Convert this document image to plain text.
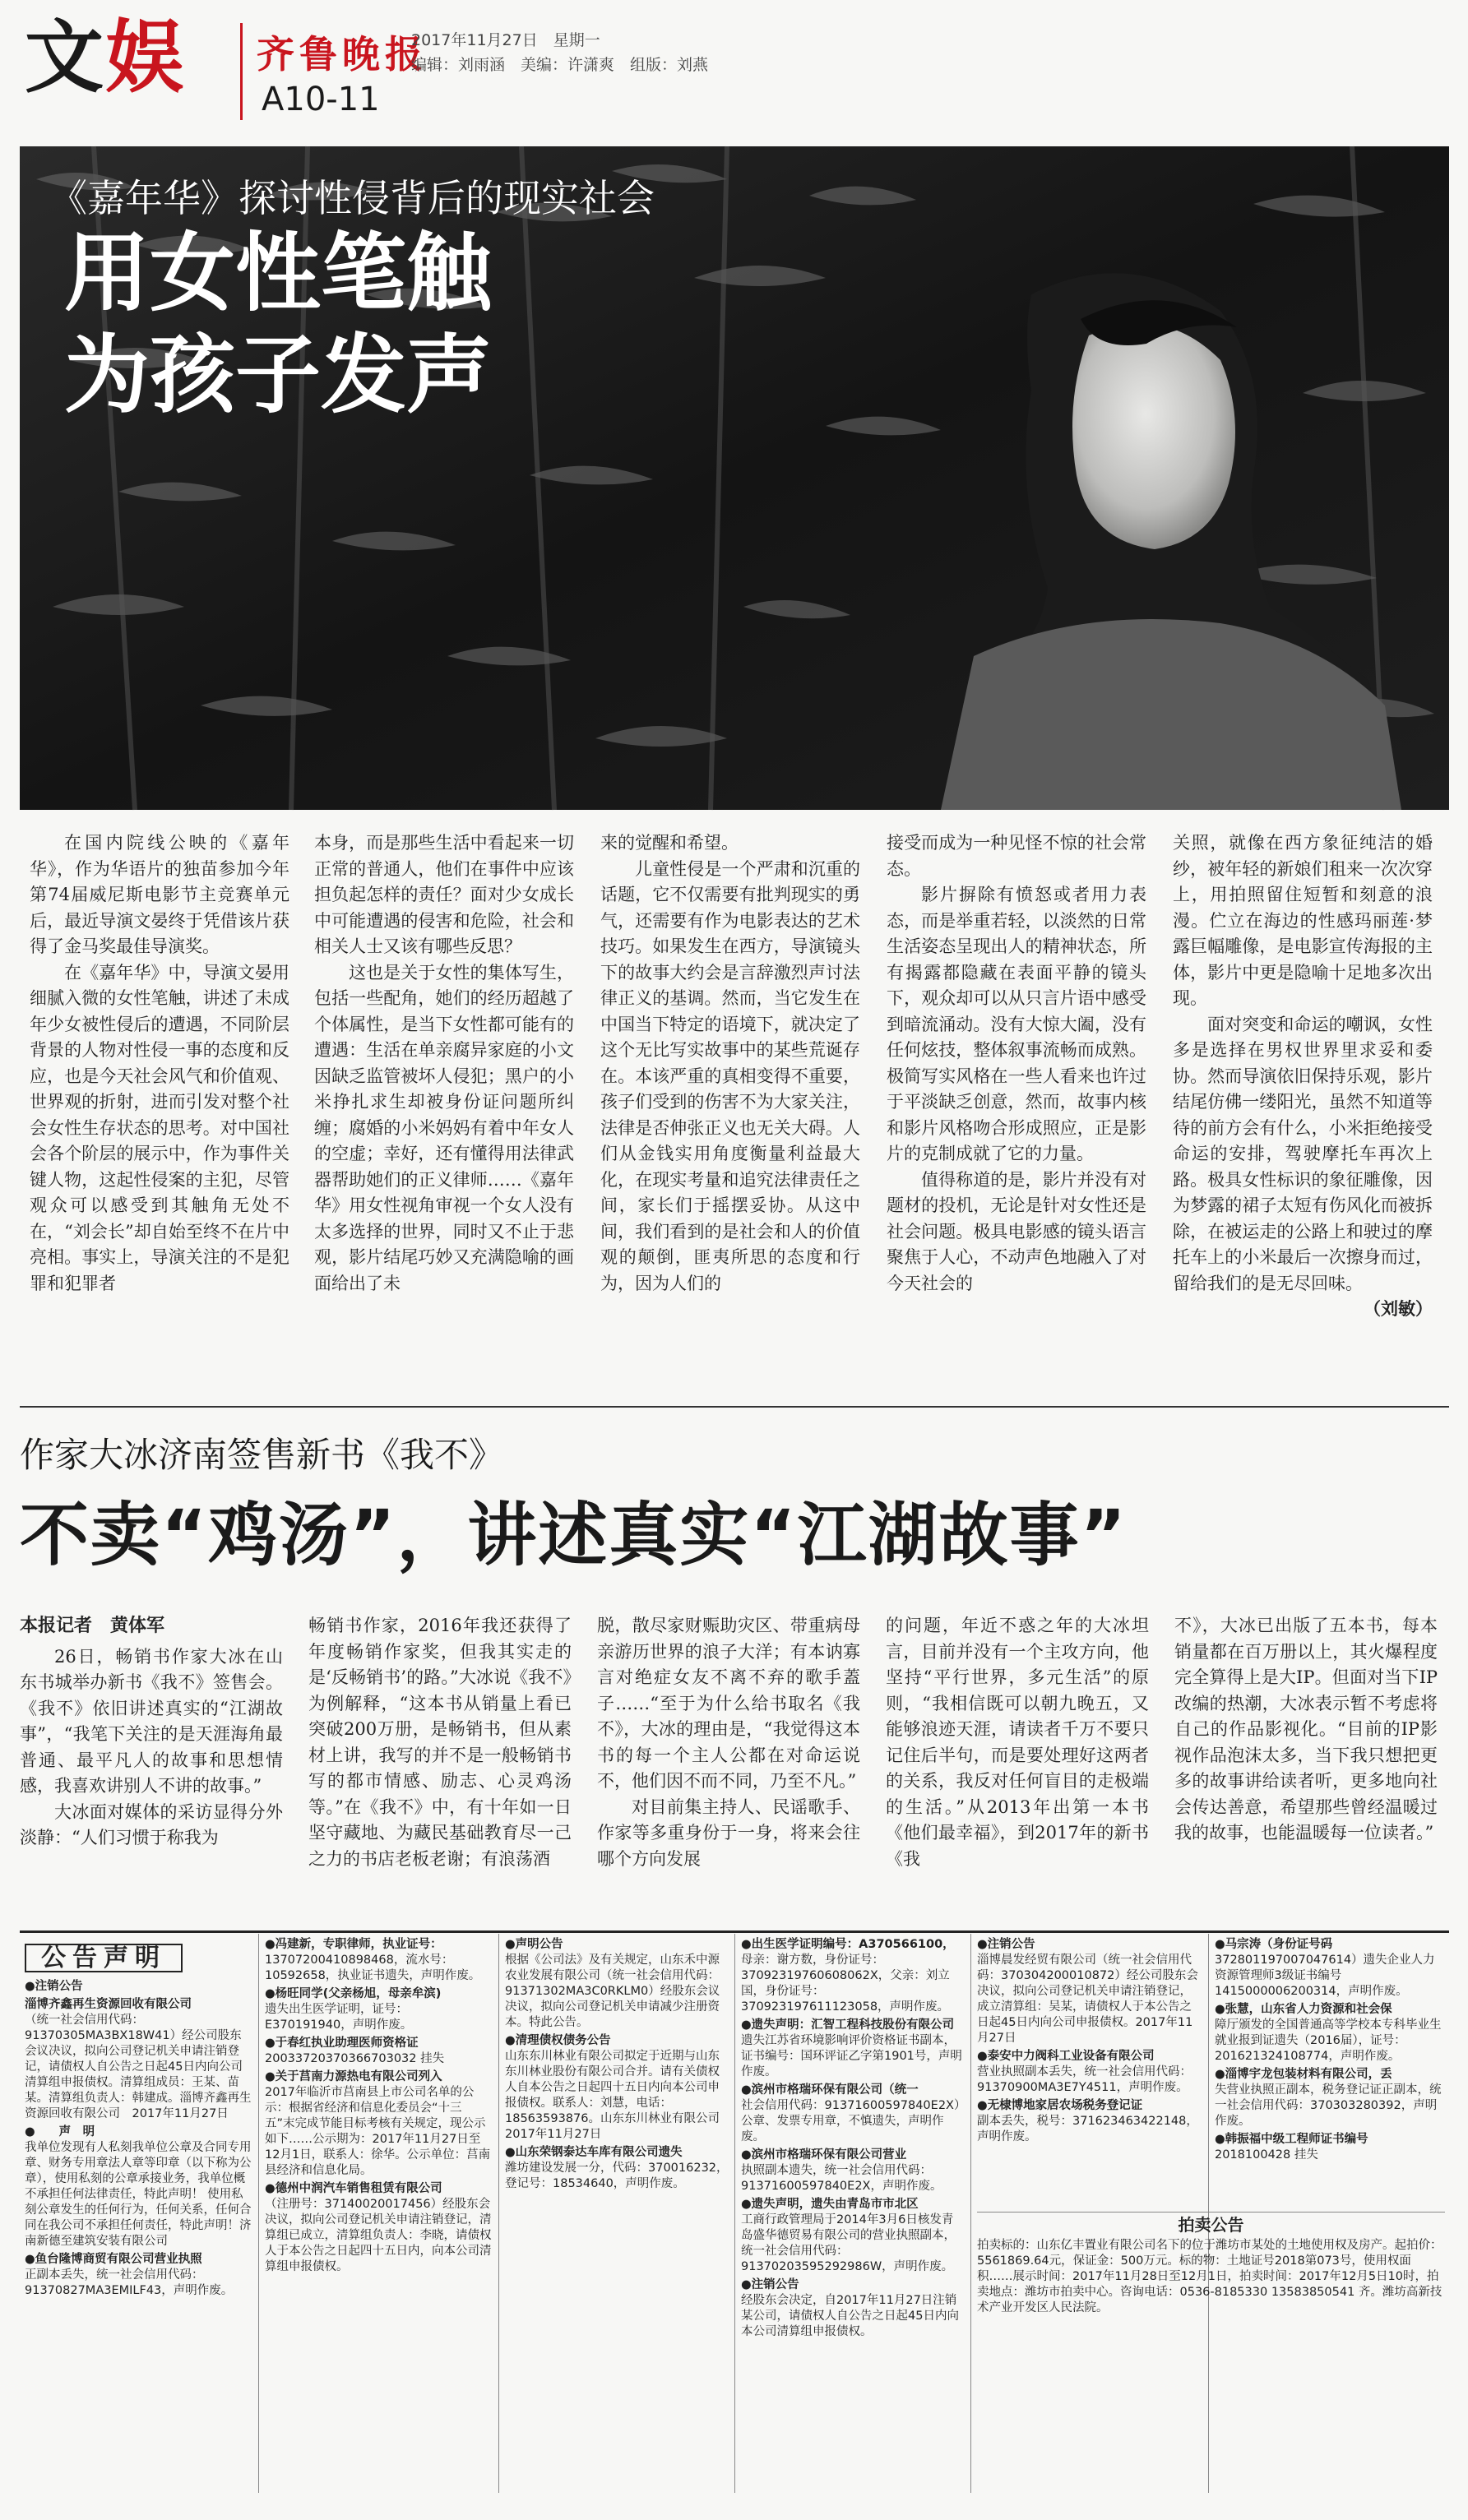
文娱 齐鲁晚报
2017年11月27日　星期一
编辑：刘雨涵　美编：许潇爽　组版：刘燕
A10-11
《嘉年华》探讨性侵背后的现实社会
用女性笔触
为孩子发声

在国内院线公映的《嘉年华》，作为华语片的独苗参加今年第74届威尼斯电影节主竞赛单元后，最近导演文晏终于凭借该片获得了金马奖最佳导演奖。

在《嘉年华》中，导演文晏用细腻入微的女性笔触，讲述了未成年少女被性侵后的遭遇，不同阶层背景的人物对性侵一事的态度和反应，也是今天社会风气和价值观、世界观的折射，进而引发对整个社会女性生存状态的思考。对中国社会各个阶层的展示中，作为事件关键人物，这起性侵案的主犯，尽管观众可以感受到其触角无处不在，“刘会长”却自始至终不在片中亮相。事实上，导演关注的不是犯罪和犯罪者

本身，而是那些生活中看起来一切正常的普通人，他们在事件中应该担负起怎样的责任？面对少女成长中可能遭遇的侵害和危险，社会和相关人士又该有哪些反思？

这也是关于女性的集体写生，包括一些配角，她们的经历超越了个体属性，是当下女性都可能有的遭遇：生活在单亲腐异家庭的小文因缺乏监管被坏人侵犯；黑户的小米挣扎求生却被身份证问题所纠缠；腐婚的小米妈妈有着中年女人的空虚；幸好，还有懂得用法律武器帮助她们的正义律师……《嘉年华》用女性视角审视一个女人没有太多选择的世界，同时又不止于悲观，影片结尾巧妙又充满隐喻的画面给出了未

来的觉醒和希望。

儿童性侵是一个严肃和沉重的话题，它不仅需要有批判现实的勇气，还需要有作为电影表达的艺术技巧。如果发生在西方，导演镜头下的故事大约会是言辞激烈声讨法律正义的基调。然而，当它发生在中国当下特定的语境下，就决定了这个无比写实故事中的某些荒诞存在。本该严重的真相变得不重要，孩子们受到的伤害不为大家关注，法律是否伸张正义也无关大碍。人们从金钱实用角度衡量利益最大化，在现实考量和追究法律责任之间，家长们于摇摆妥协。从这中间，我们看到的是社会和人的价值观的颠倒，匪夷所思的态度和行为，因为人们的

接受而成为一种见怪不惊的社会常态。

影片摒除有愤怒或者用力表态，而是举重若轻，以淡然的日常生活姿态呈现出人的精神状态，所有揭露都隐藏在表面平静的镜头下，观众却可以从只言片语中感受到暗流涌动。没有大惊大阖，没有任何炫技，整体叙事流畅而成熟。极简写实风格在一些人看来也许过于平淡缺乏创意，然而，故事内核和影片风格吻合形成照应，正是影片的克制成就了它的力量。

值得称道的是，影片并没有对题材的投机，无论是针对女性还是社会问题。极具电影感的镜头语言聚焦于人心，不动声色地融入了对今天社会的

关照，就像在西方象征纯洁的婚纱，被年轻的新娘们租来一次次穿上，用拍照留住短暂和刻意的浪漫。伫立在海边的性感玛丽莲·梦露巨幅雕像，是电影宣传海报的主体，影片中更是隐喻十足地多次出现。

面对突变和命运的嘲讽，女性多是选择在男权世界里求妥和委协。然而导演依旧保持乐观，影片结尾仿佛一缕阳光，虽然不知道等待的前方会有什么，小米拒绝接受命运的安排，驾驶摩托车再次上路。极具女性标识的象征雕像，因为梦露的裙子太短有伤风化而被拆除，在被运走的公路上和驶过的摩托车上的小米最后一次擦身而过，留给我们的是无尽回味。

（刘敏）
作家大冰济南签售新书《我不》
不卖“鸡汤”，讲述真实“江湖故事”
本报记者　黄体军

26日，畅销书作家大冰在山东书城举办新书《我不》签售会。《我不》依旧讲述真实的“江湖故事”，“我笔下关注的是天涯海角最普通、最平凡人的故事和思想情感，我喜欢讲别人不讲的故事。”

大冰面对媒体的采访显得分外淡静：“人们习惯于称我为

畅销书作家，2016年我还获得了年度畅销作家奖，但我其实走的是‘反畅销书’的路。”大冰说《我不》为例解释，“这本书从销量上看已突破200万册，是畅销书，但从素材上讲，我写的并不是一般畅销书写的都市情感、励志、心灵鸡汤等。”在《我不》中，有十年如一日坚守藏地、为藏民基础教育尽一己之力的书店老板老谢；有浪荡酒

脱，散尽家财赈助灾区、带重病母亲游历世界的浪子大洋；有本讷寡言对绝症女友不离不弃的歌手蓋子……“至于为什么给书取名《我不》，大冰的理由是，“我觉得这本书的每一个主人公都在对命运说不，他们因不而不同，乃至不凡。”

对目前集主持人、民谣歌手、作家等多重身份于一身，将来会往哪个方向发展

的问题，年近不惑之年的大冰坦言，目前并没有一个主攻方向，他坚持“平行世界，多元生活”的原则，“我相信既可以朝九晚五，又能够浪迹天涯，请读者千万不要只记住后半句，而是要处理好这两者的关系，我反对任何盲目的走极端的生活。”从2013年出第一本书《他们最幸福》，到2017年的新书《我

不》，大冰已出版了五本书，每本销量都在百万册以上，其火爆程度完全算得上是大IP。但面对当下IP改编的热潮，大冰表示暂不考虑将自己的作品影视化。“目前的IP影视作品泡沫太多，当下我只想把更多的故事讲给读者听，更多地向社会传达善意，希望那些曾经温暖过我的故事，也能温暖每一位读者。”

公告声明

●注销公告

淄博齐鑫再生资源回收有限公司
（统一社会信用代码：91370305MA3BX18W41）经公司股东会议决议，拟向公司登记机关申请注销登记，请债权人自公告之日起45日内向公司清算组申报债权。清算组成员：王某、苗某。清算组负责人：韩建成。淄博齐鑫再生资源回收有限公司　2017年11月27日

●　　声　明
我单位发现有人私刻我单位公章及合同专用章、财务专用章法人章等印章（以下称为公章），使用私刻的公章承接业务，我单位概不承担任何法律责任，特此声明！ 使用私刻公章发生的任何行为，任何关系，任何合同在我公司不承担任何责任，特此声明！济南新德至建筑安装有限公司

●鱼台隆博商贸有限公司营业执照
正副本丢失，统一社会信用代码：91370827MA3EMILF43，声明作废。

●冯建新，专职律师，执业证号：
13707200410898468，流水号：10592658，执业证书遗失，声明作废。

●杨旺同学(父亲杨旭，母亲牟滨)
遗失出生医学证明，证号：E370191940，声明作废。

●于春红执业助理医师资格证
20033720370366703032 挂失

●关于莒南力源热电有限公司列入
2017年临沂市莒南县上市公司名单的公示：根据省经济和信息化委员会“十三五”末完成节能目标考核有关规定，现公示如下……公示期为：2017年11月27日至12月1日，联系人：徐华。公示单位：莒南县经济和信息化局。

●德州中润汽车销售租赁有限公司
（注册号：37140020017456）经股东会决议，拟向公司登记机关申请注销登记，清算组已成立，清算组负责人：李晓，请债权人于本公告之日起四十五日内，向本公司清算组申报债权。

●声明公告
根据《公司法》及有关规定，山东禾中源农业发展有限公司（统一社会信用代码：91371302MA3C0RKLM0）经股东会议决议，拟向公司登记机关申请减少注册资本。特此公告。

●清理债权债务公告
山东东川林业有限公司拟定于近期与山东东川林业股份有限公司合并。请有关债权人自本公告之日起四十五日内向本公司申报债权。联系人：刘慧，电话：18563593876。山东东川林业有限公司　2017年11月27日

●山东荣钢泰达车库有限公司遗失
潍坊建设发展一分，代码：370016232，登记号：18534640，声明作废。

●出生医学证明编号：A370566100，
母亲：谢方数，身份证号：37092319760608062X，父亲：刘立国，身份证号：370923197611123058，声明作废。

●遗失声明：汇智工程科技股份有限公司
遗失江苏省环境影响评价资格证书副本，证书编号：国环评证乙字第1901号，声明作废。

●滨州市格瑞环保有限公司（统一
社会信用代码：91371600597840E2X）公章、发票专用章，不慎遗失，声明作废。

●滨州市格瑞环保有限公司营业
执照副本遗失，统一社会信用代码：91371600597840E2X，声明作废。

●遗失声明，遗失由青岛市市北区
工商行政管理局于2014年3月6日核发青岛盛华德贸易有限公司的营业执照副本，统一社会信用代码：91370203595292986W，声明作废。

●注销公告
经股东会决定，自2017年11月27日注销某公司，请债权人自公告之日起45日内向本公司清算组申报债权。

●注销公告
淄博晨发经贸有限公司（统一社会信用代码：370304200010872）经公司股东会决议，拟向公司登记机关申请注销登记，成立清算组：吴某，请债权人于本公告之日起45日内向公司申报债权。2017年11月27日

●泰安中力阀科工业设备有限公司
营业执照副本丢失，统一社会信用代码：91370900MA3E7Y4511，声明作废。

●无棣博地家居农场税务登记证
副本丢失，税号：371623463422148，声明作废。

●马宗涛（身份证号码
372801197007047614）遗失企业人力资源管理师3级证书编号1415000006200314，声明作废。

●张慧，山东省人力资源和社会保
障厅颁发的全国普通高等学校本专科毕业生就业报到证遗失（2016届），证号：201621324108774，声明作废。

●淄博宇龙包装材料有限公司，丢
失营业执照正副本，税务登记证正副本，统一社会信用代码：370303280392，声明作废。

●韩振福中级工程师证书编号
2018100428 挂失

拍卖公告
拍卖标的：山东亿丰置业有限公司名下的位于潍坊市某处的土地使用权及房产。起拍价：5561869.64元，保证金：500万元。标的物：土地证号2018第073号，使用权面积……展示时间：2017年11月28日至12月1日，拍卖时间：2017年12月5日10时，拍卖地点：潍坊市拍卖中心。咨询电话：0536-8185330 13583850541 齐。潍坊高新技术产业开发区人民法院。
